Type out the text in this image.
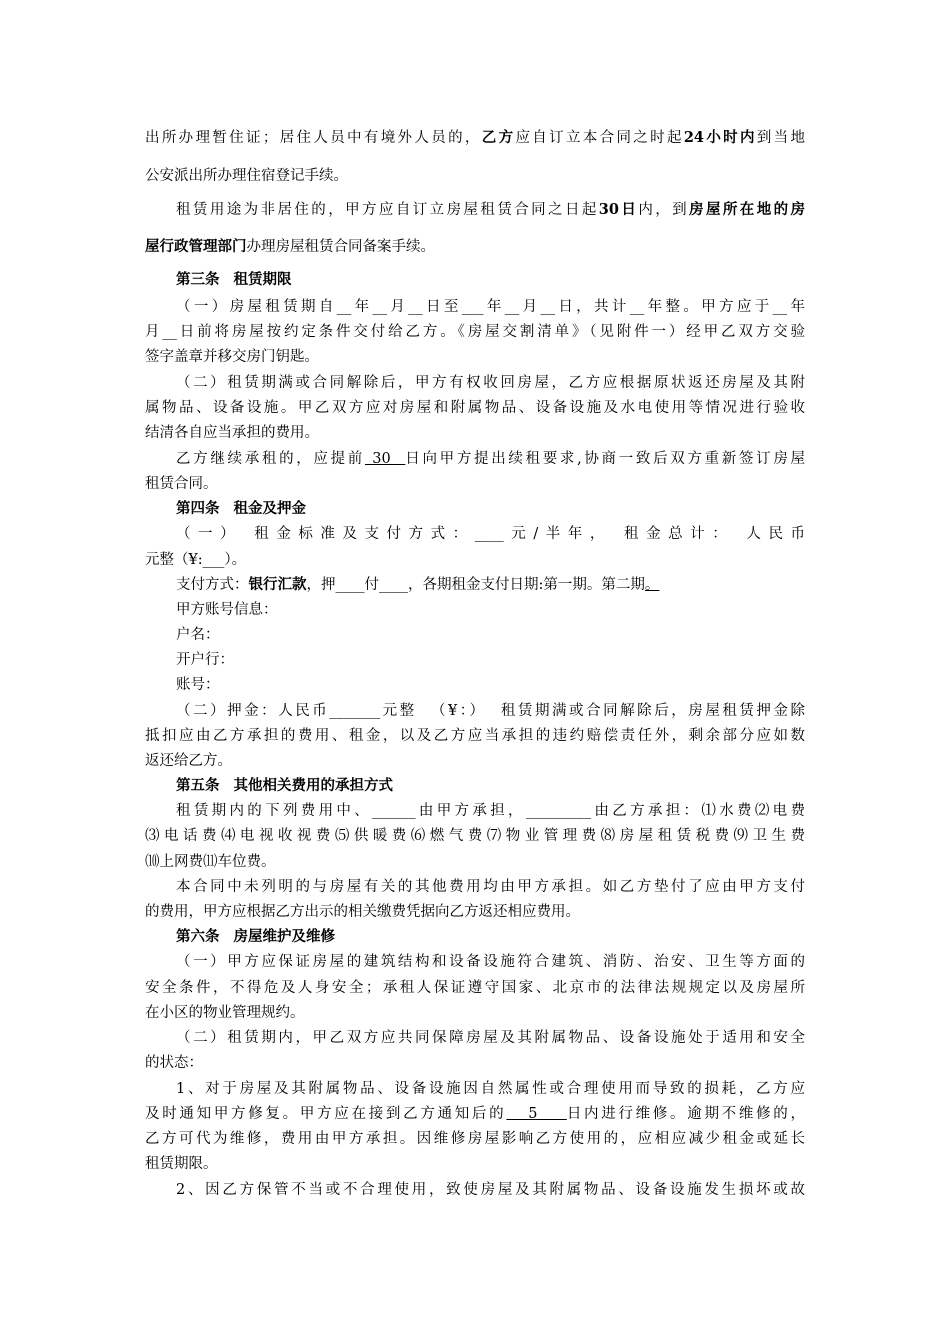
出所办理暂住证；居住人员中有境外人员的，乙方应自订立本合同之时起24小时内到当地
公安派出所办理住宿登记手续。
租赁用途为非居住的，甲方应自订立房屋租赁合同之日起30日内，到房屋所在地的房
屋行政管理部门办理房屋租赁合同备案手续。
第三条 租赁期限
（一）房屋租赁期自__年__月__日至___年__月__日，共计__年整。甲方应于__年
月__日前将房屋按约定条件交付给乙方。《房屋交割清单》（见附件一）经甲乙双方交验
签字盖章并移交房门钥匙。
（二）租赁期满或合同解除后，甲方有权收回房屋，乙方应根据原状返还房屋及其附
属物品、设备设施。甲乙双方应对房屋和附属物品、设备设施及水电使用等情况进行验收
结清各自应当承担的费用。
乙方继续承租的，应提前 30  日向甲方提出续租要求,协商一致后双方重新签订房屋
租赁合同。
第四条 租金及押金
（一） 租金标准及支付方式：____元/半年， 租金总计： 人民币
元整（¥:___）。
支付方式：银行汇款，押____付____，各期租金支付日期:第一期。第二期。
甲方账号信息：
户名：
开户行：
账号：
（二）押金：人民币_______元整  （¥：）  租赁期满或合同解除后，房屋租赁押金除
抵扣应由乙方承担的费用、租金，以及乙方应当承担的违约赔偿责任外，剩余部分应如数
返还给乙方。
第五条 其他相关费用的承担方式
租赁期内的下列费用中、______由甲方承担，_________由乙方承担：⑴水费⑵电费
⑶电话费⑷电视收视费⑸供暖费⑹燃气费⑺物业管理费⑻房屋租赁税费⑼卫生费
⑽上网费⑾车位费。
本合同中未列明的与房屋有关的其他费用均由甲方承担。如乙方垫付了应由甲方支付
的费用，甲方应根据乙方出示的相关缴费凭据向乙方返还相应费用。
第六条 房屋维护及维修
（一）甲方应保证房屋的建筑结构和设备设施符合建筑、消防、治安、卫生等方面的
安全条件，不得危及人身安全；承租人保证遵守国家、北京市的法律法规规定以及房屋所
在小区的物业管理规约。
（二）租赁期内，甲乙双方应共同保障房屋及其附属物品、设备设施处于适用和安全
的状态：
1、对于房屋及其附属物品、设备设施因自然属性或合理使用而导致的损耗，乙方应
及时通知甲方修复。甲方应在接到乙方通知后的   5    日内进行维修。逾期不维修的，
乙方可代为维修，费用由甲方承担。因维修房屋影响乙方使用的，应相应减少租金或延长
租赁期限。
2、因乙方保管不当或不合理使用，致使房屋及其附属物品、设备设施发生损坏或故
